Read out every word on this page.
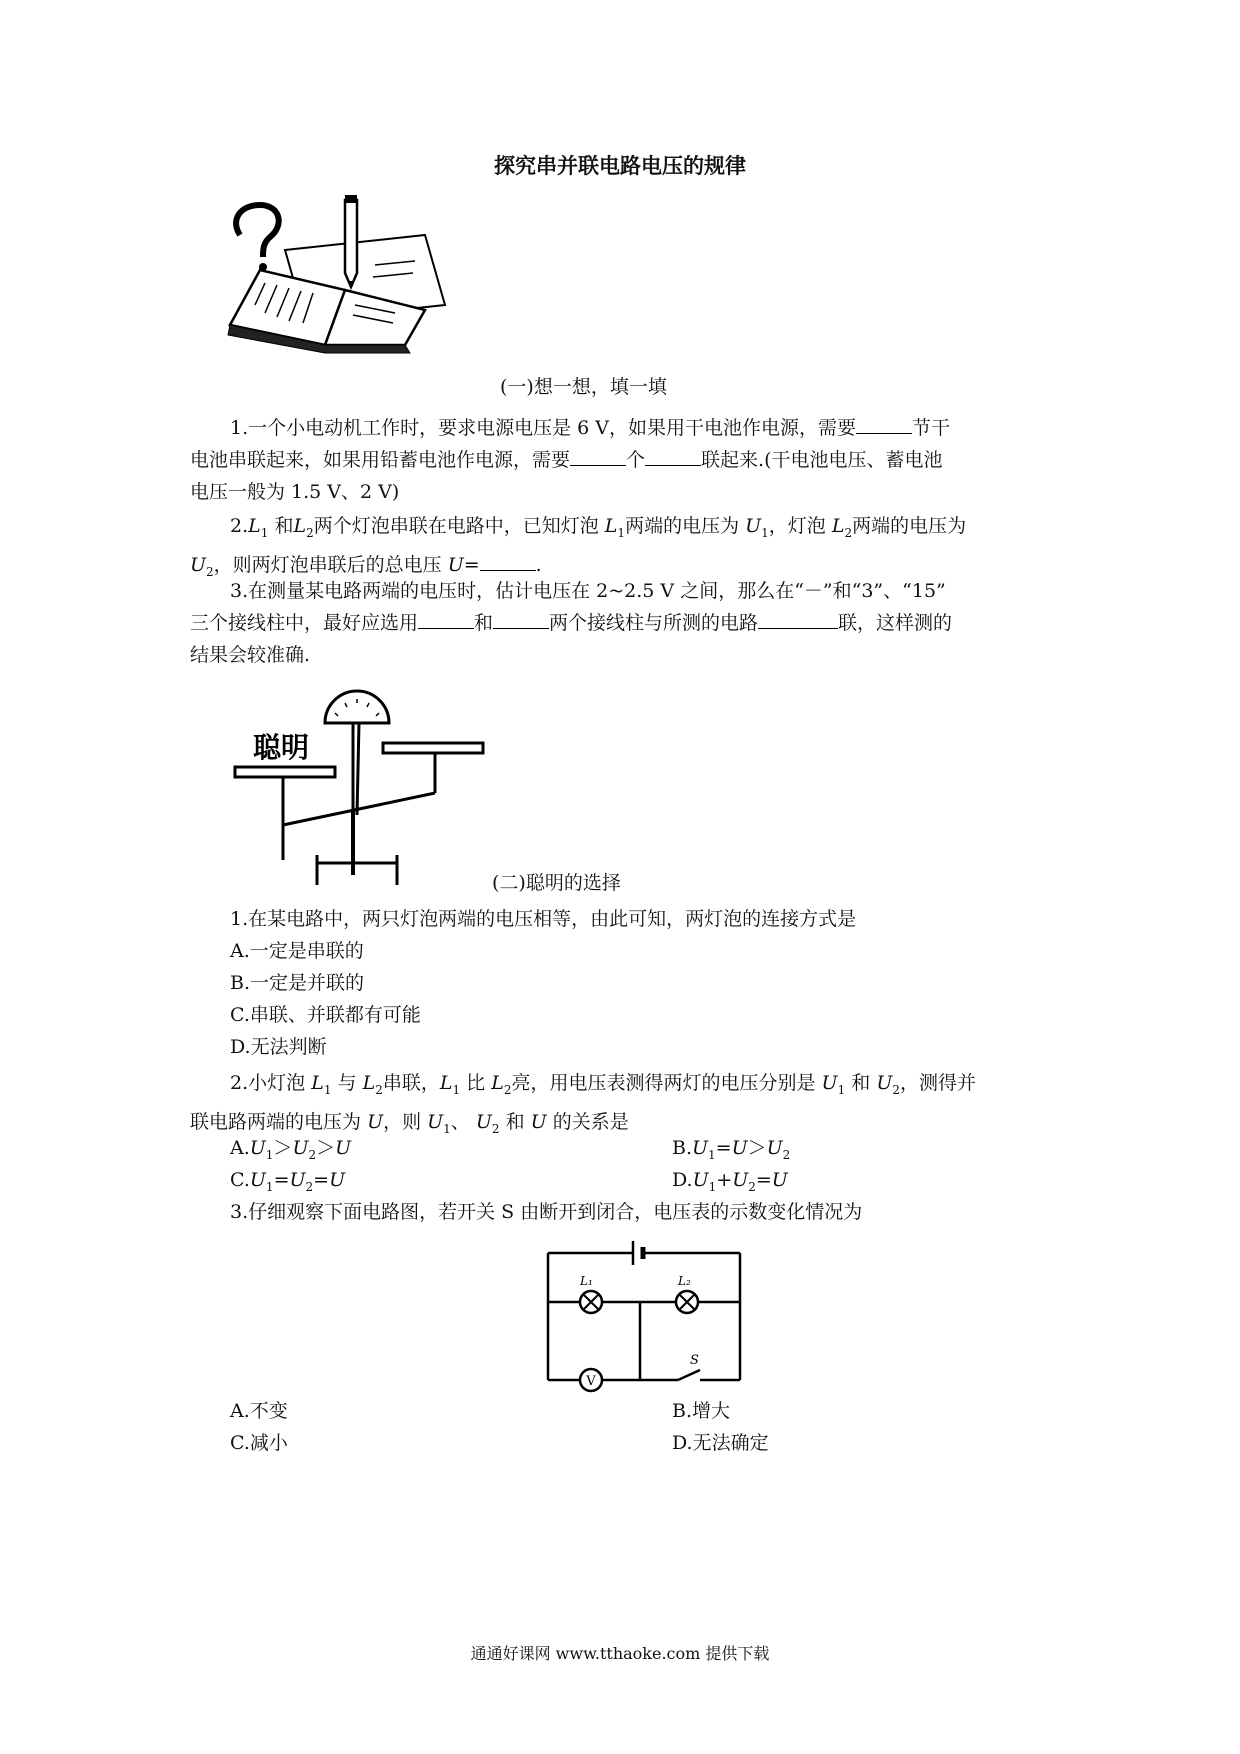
探究串并联电路电压的规律
(一)想一想，填一填
1.一个小电动机工作时，要求电源电压是 6 V，如果用干电池作电源，需要	节干
电池串联起来，如果用铅蓄电池作电源，需要	个	联起来.(干电池电压、蓄电池
电压一般为 1.5 V、2 V)
$2.L_1$ 和$L_2$两个灯泡串联在电路中，已知灯泡 $L_1$两端的电压为 $U_1$，灯泡 $L_2$两端的电压为
$U_2$，则两灯泡串联后的总电压 U=	.
3.在测量某电路两端的电压时，估计电压在 2~2.5 V 之间，那么在“－”和“3”、“15”
三个接线柱中，最好应选用	和	两个接线柱与所测的电路	联，这样测的
结果会较准确.
聪明
(二)聪明的选择
1.在某电路中，两只灯泡两端的电压相等，由此可知，两灯泡的连接方式是
A.一定是串联的
B.一定是并联的
C.串联、并联都有可能
D.无法判断
2.小灯泡 $L_1$ 与 $L_2$串联，$L_1$ 比 $L_2$亮，用电压表测得两灯的电压分别是 $U_1$ 和 $U_2$，测得并
联电路两端的电压为 U，则 $U_1$、 $U_2$ 和 U 的关系是
$A.U_1>U_2>U$	$B.U_1=U>U_2$
$C.U_1=U_2=U$	$D.U_1+U_2=U$
3.仔细观察下面电路图，若开关 S 由断开到闭合，电压表的示数变化情况为
V
L₁	L₂
S
A.不变	B.增大
C.减小	D.无法确定
通通好课网 www.tthaoke.com 提供下载
